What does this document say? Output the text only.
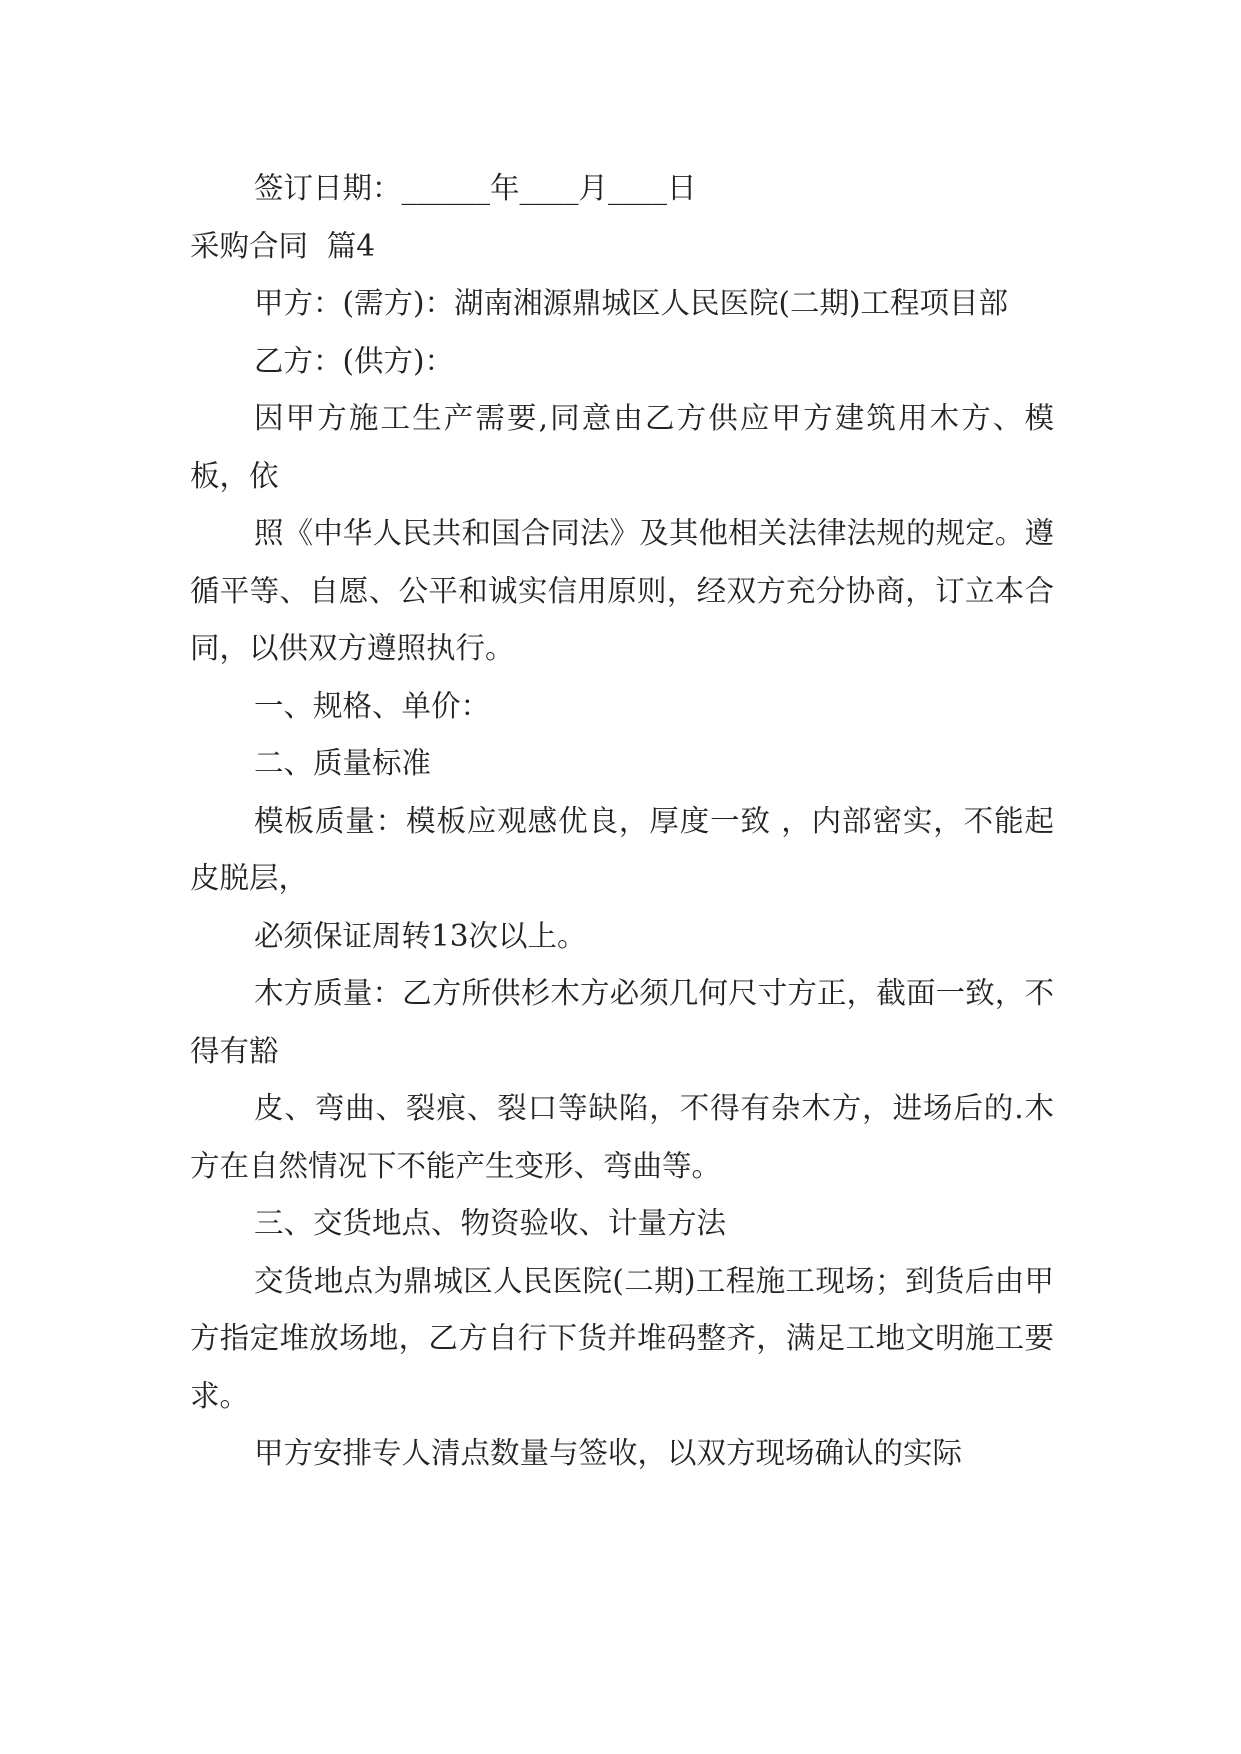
签订日期：______年____月____日

采购合同  篇4

甲方：(需方)：湖南湘源鼎城区人民医院(二期)工程项目部

乙方：(供方)：

因甲方施工生产需要,同意由乙方供应甲方建筑用木方、模板，依

照《中华人民共和国合同法》及其他相关法律法规的规定。遵循平等、自愿、公平和诚实信用原则，经双方充分协商，订立本合同，以供双方遵照执行。

一、规格、单价：

二、质量标准

模板质量：模板应观感优良，厚度一致 ，内部密实，不能起皮脱层，

必须保证周转13次以上。

木方质量：乙方所供杉木方必须几何尺寸方正，截面一致，不得有豁

皮、弯曲、裂痕、裂口等缺陷，不得有杂木方，进场后的.木方在自然情况下不能产生变形、弯曲等。

三、交货地点、物资验收、计量方法

交货地点为鼎城区人民医院(二期)工程施工现场；到货后由甲方指定堆放场地，乙方自行下货并堆码整齐，满足工地文明施工要求。

甲方安排专人清点数量与签收，以双方现场确认的实际
